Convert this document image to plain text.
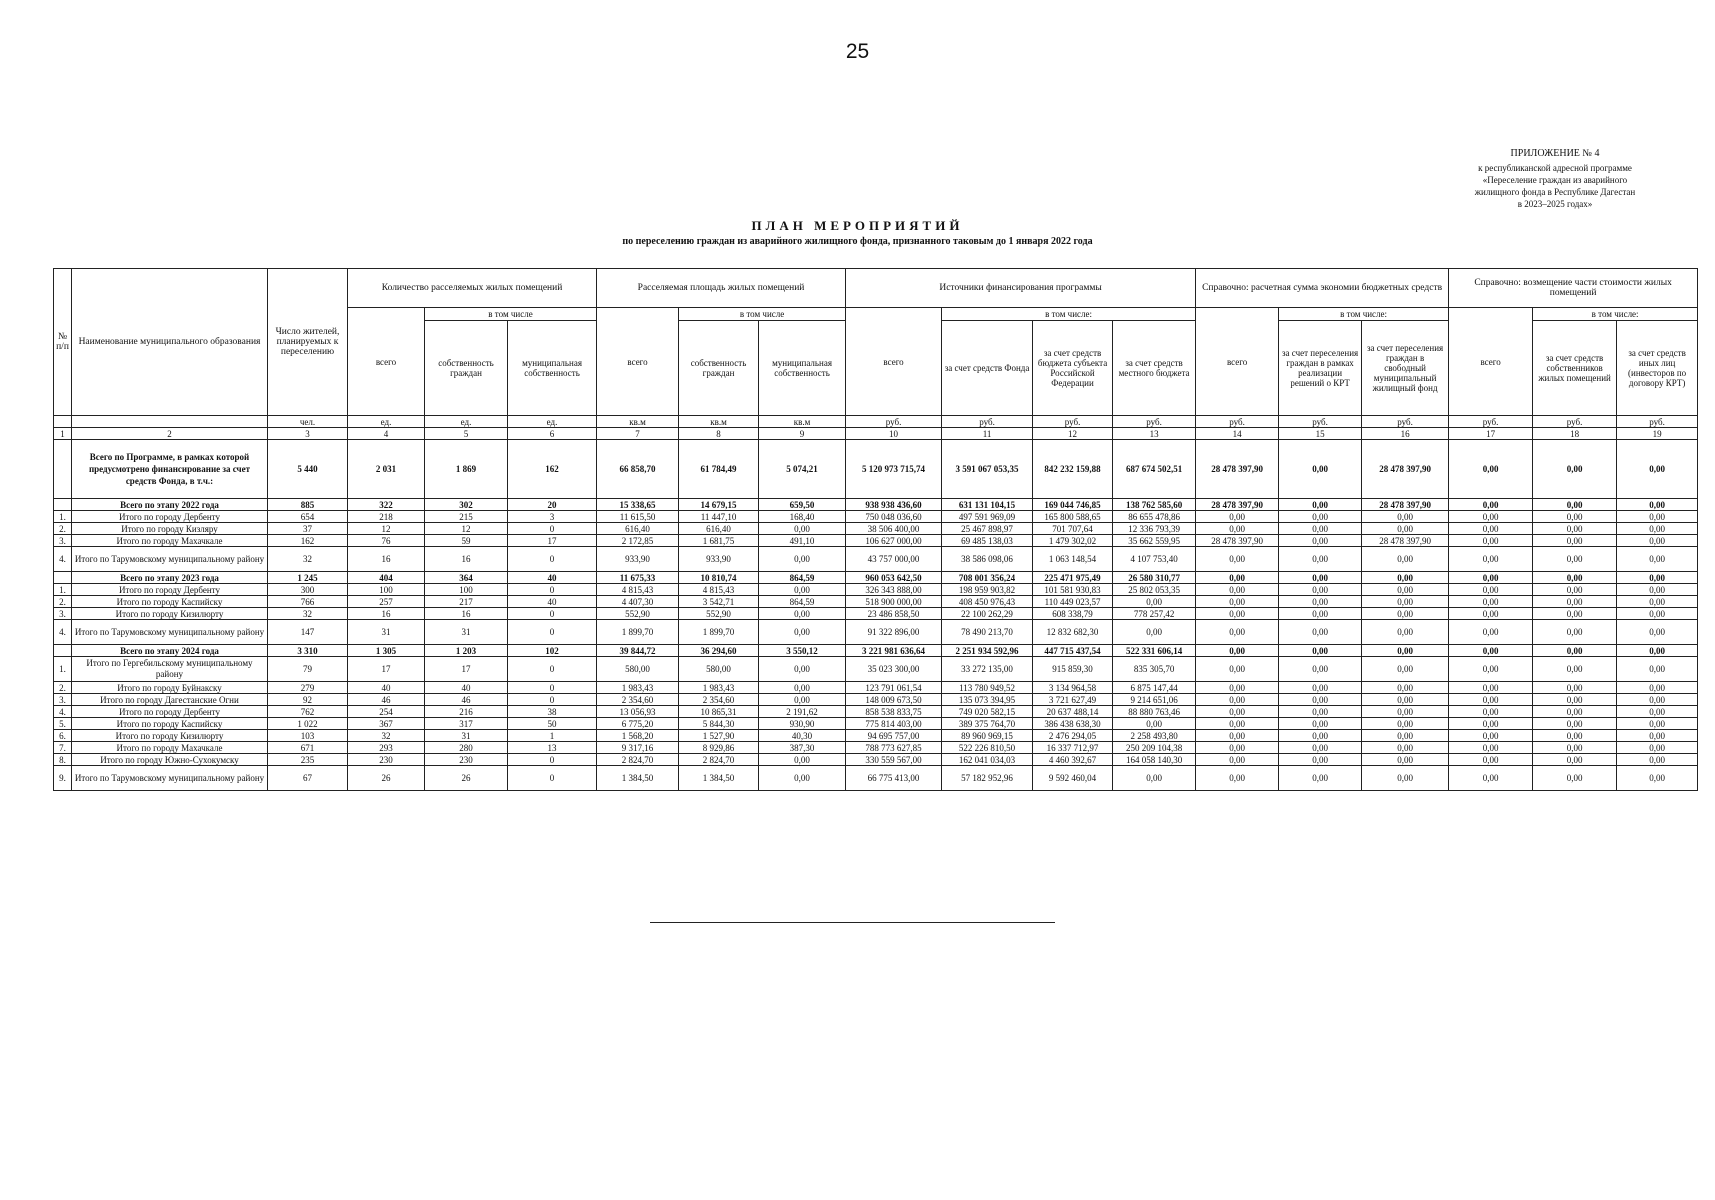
25
ПРИЛОЖЕНИЕ № 4
к республиканской адресной программе
«Переселение граждан из аварийного
жилищного фонда в Республике Дагестан
в 2023–2025 годах»
ПЛАН МЕРОПРИЯТИЙ
по переселению граждан из аварийного жилищного фонда, признанного таковым до 1 января 2022 года
№ п/п	Наименование муниципального образования	Число жителей, планируемых к переселению	Количество расселяемых жилых помещений			Расселяемая площадь жилых помещений			Источники финансирования программы				Справочно: расчетная сумма экономии бюджетных средств			Справочно: возмещение части стоимости жилых помещений		
			всего	в том числе		всего	в том числе		всего	в том числе:			всего	в том числе:		всего	в том числе:	
				собственность граждан	муниципальная собственность		собственность граждан	муниципальная собственность		за счет средств Фонда	за счет средств бюджета субъекта Российской Федерации	за счет средств местного бюджета		за счет переселения граждан в рамках реализации решений о КРТ	за счет переселения граждан в свободный муниципальный жилищный фонд		за счет средств собственников жилых помещений	за счет средств иных лиц (инвесторов по договору КРТ)
		чел.	ед.	ед.	ед.	кв.м	кв.м	кв.м	руб.	руб.	руб.	руб.	руб.	руб.	руб.	руб.	руб.	руб.
1	2	3	4	5	6	7	8	9	10	11	12	13	14	15	16	17	18	19
	Всего по Программе, в рамках которой предусмотрено финансирование за счет средств Фонда, в т.ч.:	5 440	2 031	1 869	162	66 858,70	61 784,49	5 074,21	5 120 973 715,74	3 591 067 053,35	842 232 159,88	687 674 502,51	28 478 397,90	0,00	28 478 397,90	0,00	0,00	0,00
	Всего по этапу 2022 года	885	322	302	20	15 338,65	14 679,15	659,50	938 938 436,60	631 131 104,15	169 044 746,85	138 762 585,60	28 478 397,90	0,00	28 478 397,90	0,00	0,00	0,00
1.	Итого по городу Дербенту	654	218	215	3	11 615,50	11 447,10	168,40	750 048 036,60	497 591 969,09	165 800 588,65	86 655 478,86	0,00	0,00	0,00	0,00	0,00	0,00
2.	Итого по городу Кизляру	37	12	12	0	616,40	616,40	0,00	38 506 400,00	25 467 898,97	701 707,64	12 336 793,39	0,00	0,00	0,00	0,00	0,00	0,00
3.	Итого по городу Махачкале	162	76	59	17	2 172,85	1 681,75	491,10	106 627 000,00	69 485 138,03	1 479 302,02	35 662 559,95	28 478 397,90	0,00	28 478 397,90	0,00	0,00	0,00
4.	Итого по Тарумовскому муниципальному району	32	16	16	0	933,90	933,90	0,00	43 757 000,00	38 586 098,06	1 063 148,54	4 107 753,40	0,00	0,00	0,00	0,00	0,00	0,00
	Всего по этапу 2023 года	1 245	404	364	40	11 675,33	10 810,74	864,59	960 053 642,50	708 001 356,24	225 471 975,49	26 580 310,77	0,00	0,00	0,00	0,00	0,00	0,00
1.	Итого по городу Дербенту	300	100	100	0	4 815,43	4 815,43	0,00	326 343 888,00	198 959 903,82	101 581 930,83	25 802 053,35	0,00	0,00	0,00	0,00	0,00	0,00
2.	Итого по городу Каспийску	766	257	217	40	4 407,30	3 542,71	864,59	518 900 000,00	408 450 976,43	110 449 023,57	0,00	0,00	0,00	0,00	0,00	0,00	0,00
3.	Итого по городу Кизилюрту	32	16	16	0	552,90	552,90	0,00	23 486 858,50	22 100 262,29	608 338,79	778 257,42	0,00	0,00	0,00	0,00	0,00	0,00
4.	Итого по Тарумовскому муниципальному району	147	31	31	0	1 899,70	1 899,70	0,00	91 322 896,00	78 490 213,70	12 832 682,30	0,00	0,00	0,00	0,00	0,00	0,00	0,00
	Всего по этапу 2024 года	3 310	1 305	1 203	102	39 844,72	36 294,60	3 550,12	3 221 981 636,64	2 251 934 592,96	447 715 437,54	522 331 606,14	0,00	0,00	0,00	0,00	0,00	0,00
1.	Итого по Гергебильскому муниципальному району	79	17	17	0	580,00	580,00	0,00	35 023 300,00	33 272 135,00	915 859,30	835 305,70	0,00	0,00	0,00	0,00	0,00	0,00
2.	Итого по городу Буйнакску	279	40	40	0	1 983,43	1 983,43	0,00	123 791 061,54	113 780 949,52	3 134 964,58	6 875 147,44	0,00	0,00	0,00	0,00	0,00	0,00
3.	Итого по городу Дагестанские Огни	92	46	46	0	2 354,60	2 354,60	0,00	148 009 673,50	135 073 394,95	3 721 627,49	9 214 651,06	0,00	0,00	0,00	0,00	0,00	0,00
4.	Итого по городу Дербенту	762	254	216	38	13 056,93	10 865,31	2 191,62	858 538 833,75	749 020 582,15	20 637 488,14	88 880 763,46	0,00	0,00	0,00	0,00	0,00	0,00
5.	Итого по городу Каспийску	1 022	367	317	50	6 775,20	5 844,30	930,90	775 814 403,00	389 375 764,70	386 438 638,30	0,00	0,00	0,00	0,00	0,00	0,00	0,00
6.	Итого по городу Кизилюрту	103	32	31	1	1 568,20	1 527,90	40,30	94 695 757,00	89 960 969,15	2 476 294,05	2 258 493,80	0,00	0,00	0,00	0,00	0,00	0,00
7.	Итого по городу Махачкале	671	293	280	13	9 317,16	8 929,86	387,30	788 773 627,85	522 226 810,50	16 337 712,97	250 209 104,38	0,00	0,00	0,00	0,00	0,00	0,00
8.	Итого по городу Южно-Сухокумску	235	230	230	0	2 824,70	2 824,70	0,00	330 559 567,00	162 041 034,03	4 460 392,67	164 058 140,30	0,00	0,00	0,00	0,00	0,00	0,00
9.	Итого по Тарумовскому муниципальному району	67	26	26	0	1 384,50	1 384,50	0,00	66 775 413,00	57 182 952,96	9 592 460,04	0,00	0,00	0,00	0,00	0,00	0,00	0,00
